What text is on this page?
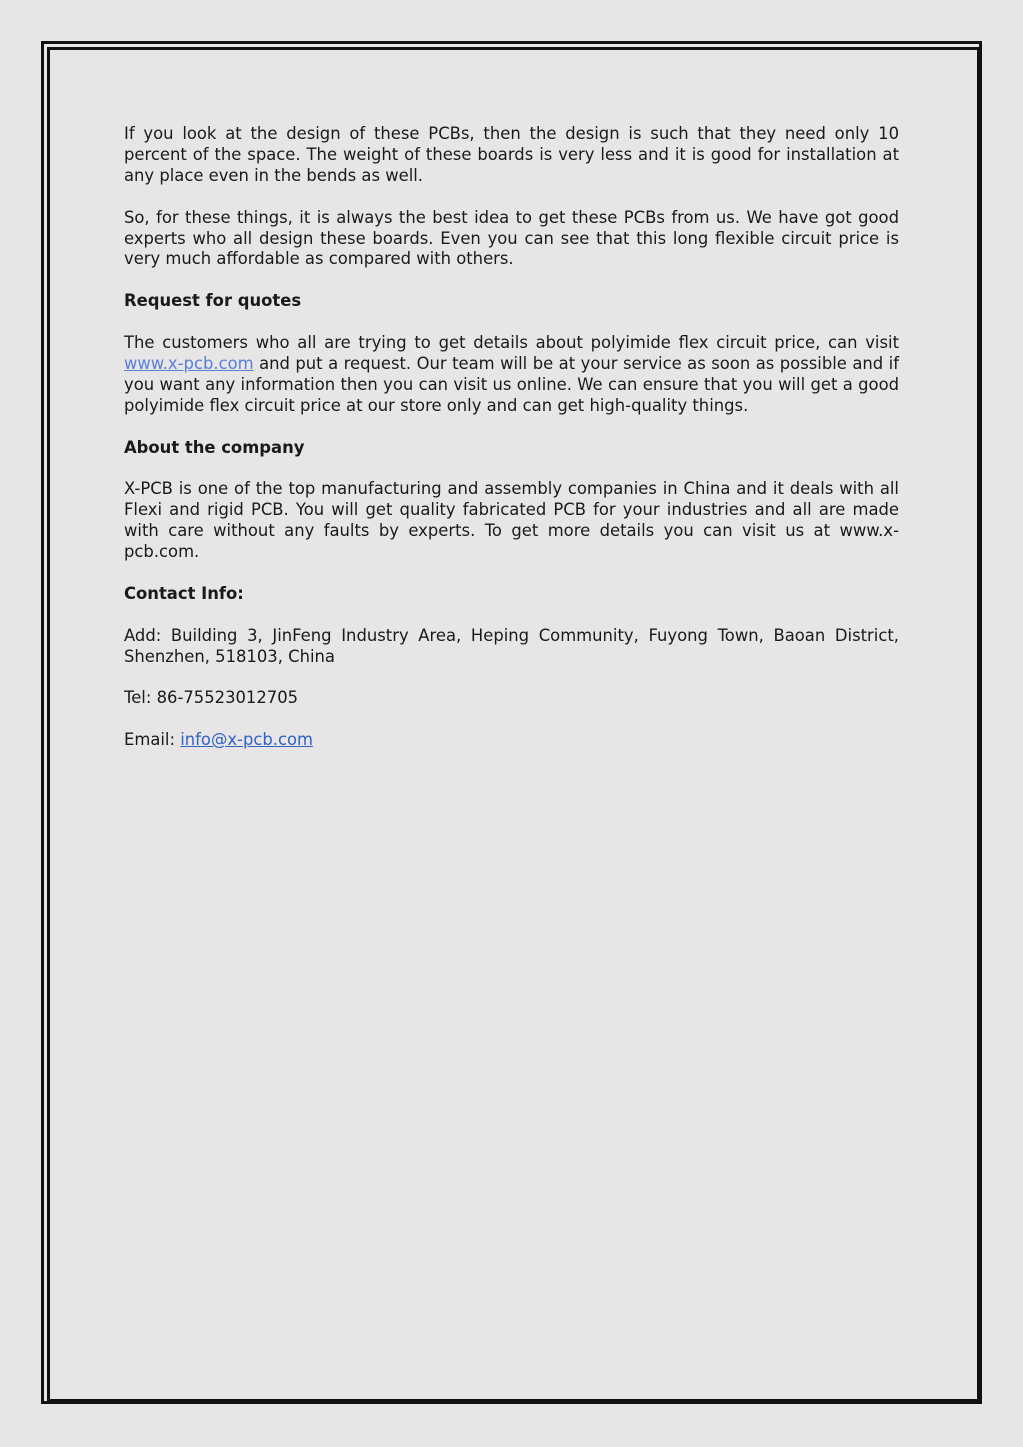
If you look at the design of these PCBs, then the design is such that they need only 10 percent of the space. The weight of these boards is very less and it is good for installation at any place even in the bends as well.

So, for these things, it is always the best idea to get these PCBs from us. We have got good experts who all design these boards. Even you can see that this long flexible circuit price is very much affordable as compared with others.

Request for quotes

The customers who all are trying to get details about polyimide flex circuit price, can visit www.x-pcb.com and put a request. Our team will be at your service as soon as possible and if you want any information then you can visit us online. We can ensure that you will get a good polyimide flex circuit price at our store only and can get high-quality things.

About the company

X-PCB is one of the top manufacturing and assembly companies in China and it deals with all Flexi and rigid PCB. You will get quality fabricated PCB for your industries and all are made with care without any faults by experts. To get more details you can visit us at www.x-pcb.com.

Contact Info:

Add: Building 3, JinFeng Industry Area, Heping Community, Fuyong Town, Baoan District, Shenzhen, 518103, China

Tel: 86-75523012705

Email: info@x-pcb.com
